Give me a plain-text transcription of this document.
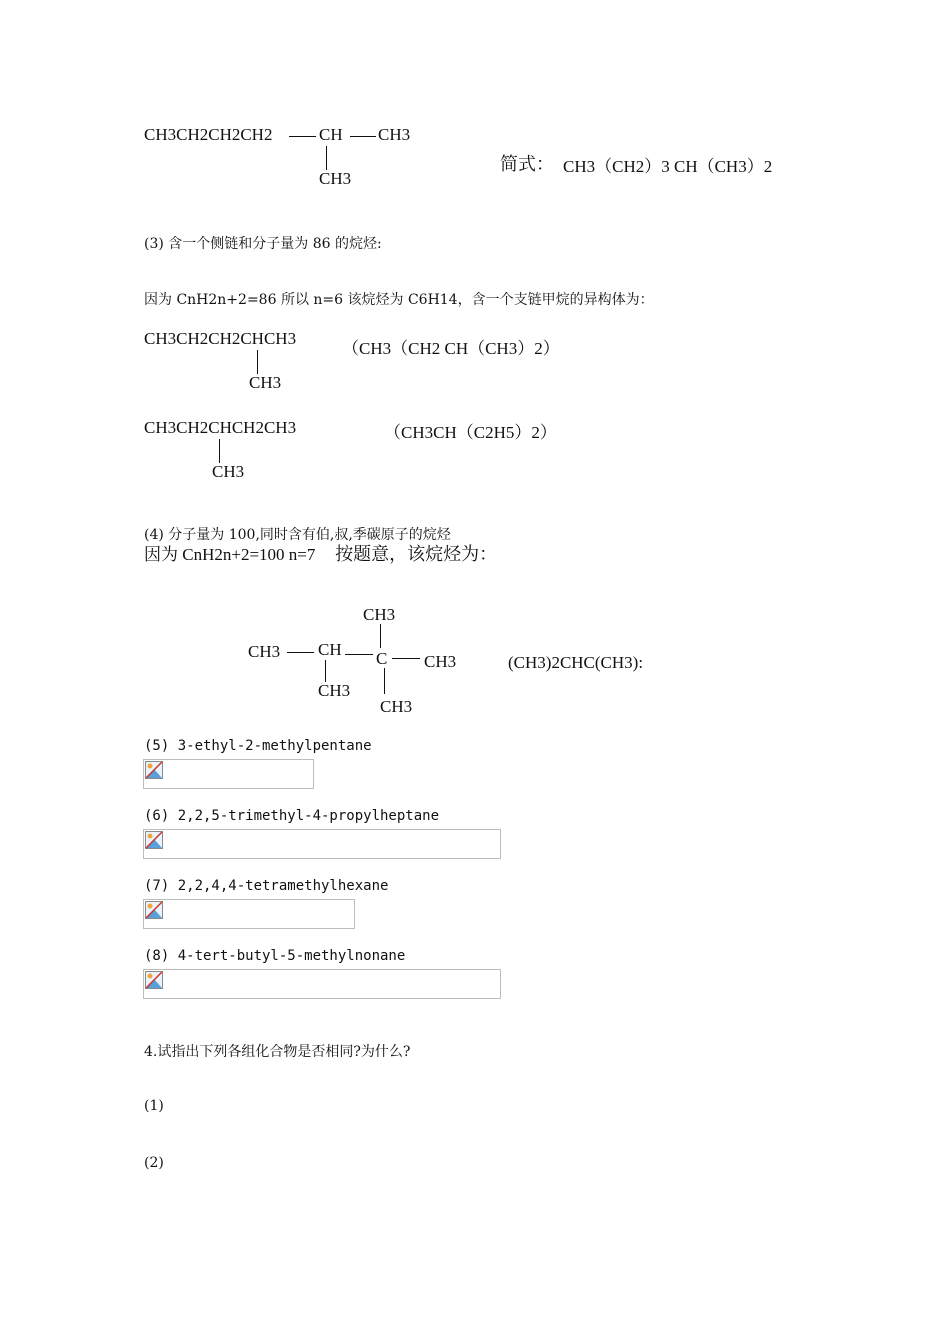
CH3CH2CH2CH2	CH CH3
CH3
简式： CH3（CH2）3 CH（CH3）2
(3) 含一个侧链和分子量为 86 的烷烃:
因为 CnH2n+2=86 所以 n=6 该烷烃为 C6H14，含一个支链甲烷的异构体为：
CH3CH2CH2CHCH3
CH3
（CH3（CH2 CH（CH3）2）
CH3CH2CHCH2CH3
CH3
（CH3CH（C2H5）2）
(4) 分子量为 100,同时含有伯,叔,季碳原子的烷烃
因为 CnH2n+2=100 n=7 按题意，该烷烃为：
CH3
CH3 CH C CH3
CH3
CH3
(CH3)2CHC(CH3):
(5) 3-ethyl-2-methylpentane
(6) 2,2,5-trimethyl-4-propylheptane
(7) 2,2,4,4-tetramethylhexane
(8) 4-tert-butyl-5-methylnonane
4.试指出下列各组化合物是否相同?为什么?
(1)
(2)
